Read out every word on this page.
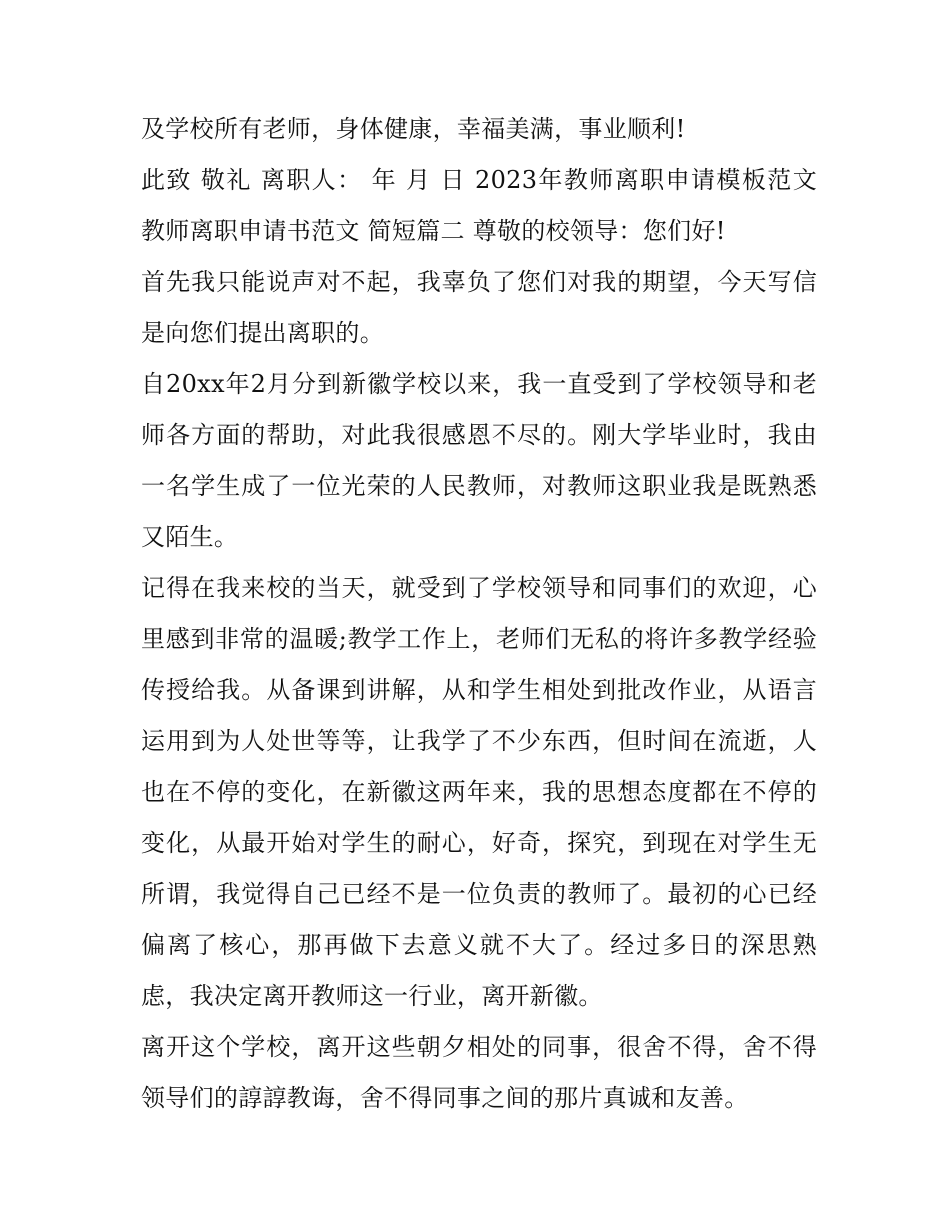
及学校所有老师，身体健康，幸福美满，事业顺利!

此致 敬礼 离职人： 年 月 日 2023年教师离职申请模板范文 教师离职申请书范文 简短篇二 尊敬的校领导：您们好!

首先我只能说声对不起，我辜负了您们对我的期望，今天写信是向您们提出离职的。

自20xx年2月分到新徽学校以来，我一直受到了学校领导和老师各方面的帮助，对此我很感恩不尽的。刚大学毕业时，我由一名学生成了一位光荣的人民教师，对教师这职业我是既熟悉又陌生。

记得在我来校的当天，就受到了学校领导和同事们的欢迎，心里感到非常的温暖;教学工作上，老师们无私的将许多教学经验传授给我。从备课到讲解，从和学生相处到批改作业，从语言运用到为人处世等等，让我学了不少东西，但时间在流逝，人也在不停的变化，在新徽这两年来，我的思想态度都在不停的变化，从最开始对学生的耐心，好奇，探究，到现在对学生无所谓，我觉得自己已经不是一位负责的教师了。最初的心已经偏离了核心，那再做下去意义就不大了。经过多日的深思熟虑，我决定离开教师这一行业，离开新徽。

离开这个学校，离开这些朝夕相处的同事，很舍不得，舍不得领导们的諄諄教诲，舍不得同事之间的那片真诚和友善。
